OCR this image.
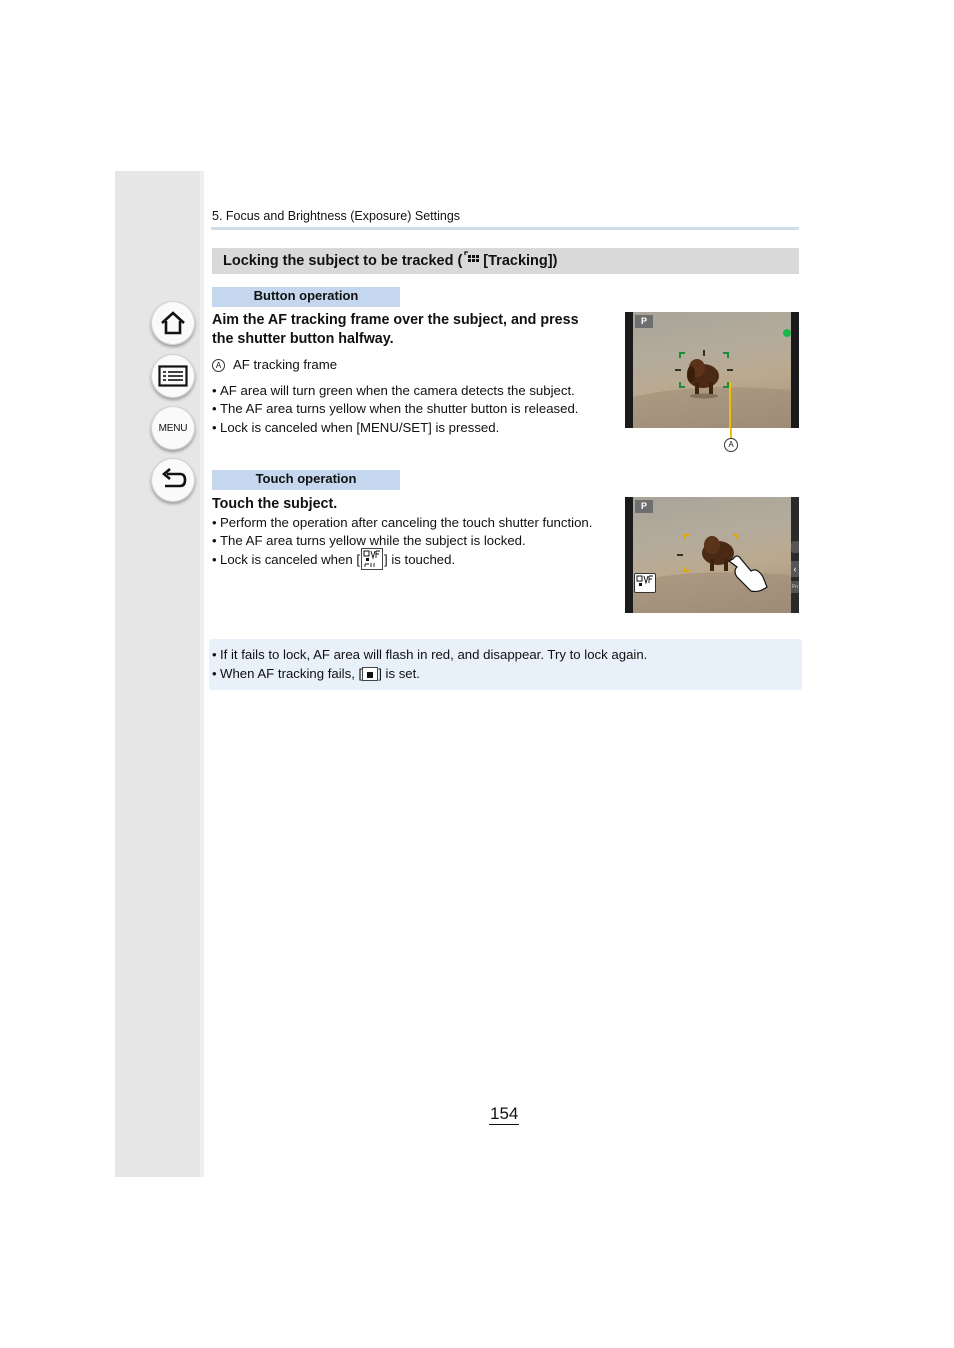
MENU
5. Focus and Brightness (Exposure) Settings
Locking the subject to be tracked ( [Tracking])
Button operation
Aim the AF tracking frame over the subject, and press
the shutter button halfway.
A AF tracking frame
• AF area will turn green when the camera detects the subject.
• The AF area turns yellow when the shutter button is released.
• Lock is canceled when [MENU/SET] is pressed.
P
A
Touch operation
Touch the subject.
• Perform the operation after canceling the touch shutter function.
• The AF area turns yellow while the subject is locked.
• Lock is canceled when [ ] is touched.
P
‹
Fn
• If it fails to lock, AF area will flash in red, and disappear. Try to lock again.
• When AF tracking fails, [ ] is set.
154
